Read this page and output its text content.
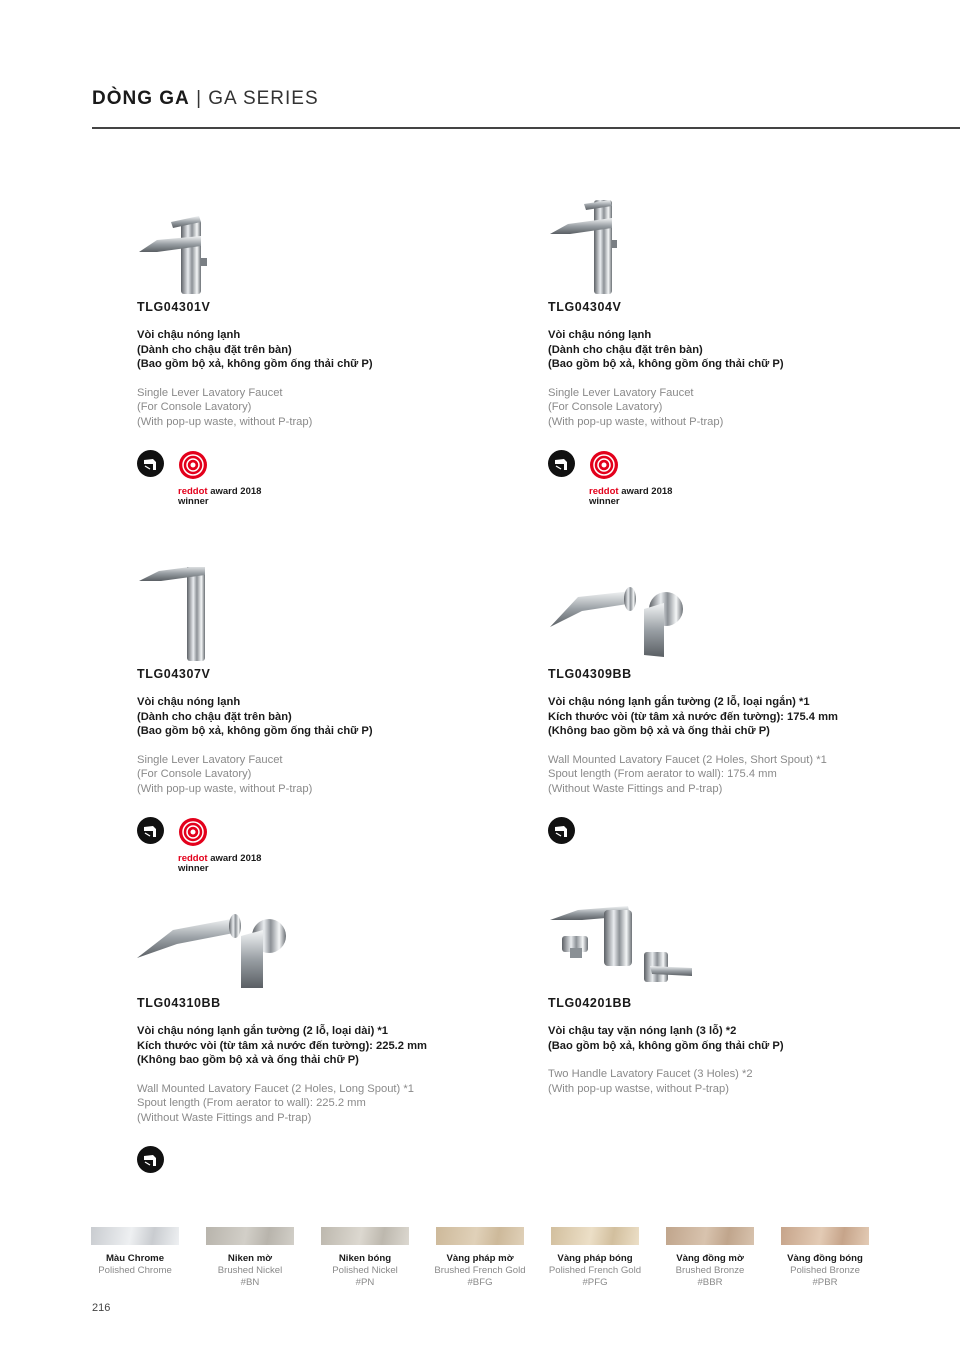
DÒNG GA | GA SERIES
TLG04301V
Vòi chậu nóng lạnh
(Dành cho chậu đặt trên bàn)
(Bao gồm bộ xả, không gồm ống thải chữ P)
Single Lever Lavatory Faucet
(For Console Lavatory)
(With pop-up waste, without P-trap)
reddot award 2018
winner
TLG04304V
Vòi chậu nóng lạnh
(Dành cho chậu đặt trên bàn)
(Bao gồm bộ xả, không gồm ống thải chữ P)
Single Lever Lavatory Faucet
(For Console Lavatory)
(With pop-up waste, without P-trap)
reddot award 2018
winner
TLG04307V
Vòi chậu nóng lạnh
(Dành cho chậu đặt trên bàn)
(Bao gồm bộ xả, không gồm ống thải chữ P)
Single Lever Lavatory Faucet
(For Console Lavatory)
(With pop-up waste, without P-trap)
reddot award 2018
winner
TLG04309BB
Vòi chậu nóng lạnh gắn tường (2 lỗ, loại ngắn) *1
Kích thước vòi (từ tâm xả nước đến tường): 175.4 mm
(Không bao gồm bộ xả và ống thải chữ P)
Wall Mounted Lavatory Faucet (2 Holes, Short Spout) *1
Spout length (From aerator to wall): 175.4 mm
(Without Waste Fittings and P-trap)
TLG04310BB
Vòi chậu nóng lạnh gắn tường (2 lỗ, loại dài) *1
Kích thước vòi (từ tâm xả nước đến tường): 225.2 mm
(Không bao gồm bộ xả và ống thải chữ P)
Wall Mounted Lavatory Faucet (2 Holes, Long Spout) *1
Spout length (From aerator to wall): 225.2 mm
(Without Waste Fittings and P-trap)
TLG04201BB
Vòi chậu tay vặn nóng lạnh (3 lỗ) *2
(Bao gồm bộ xả, không gồm ống thải chữ P)
Two Handle Lavatory Faucet (3 Holes) *2
(With pop-up wastse, without P-trap)
Màu Chrome
Polished Chrome
Niken mờ
Brushed Nickel
#BN
Niken bóng
Polished Nickel
#PN
Vàng pháp mờ
Brushed French Gold
#BFG
Vàng pháp bóng
Polished French Gold
#PFG
Vàng đồng mờ
Brushed Bronze
#BBR
Vàng đồng bóng
Polished Bronze
#PBR
216
